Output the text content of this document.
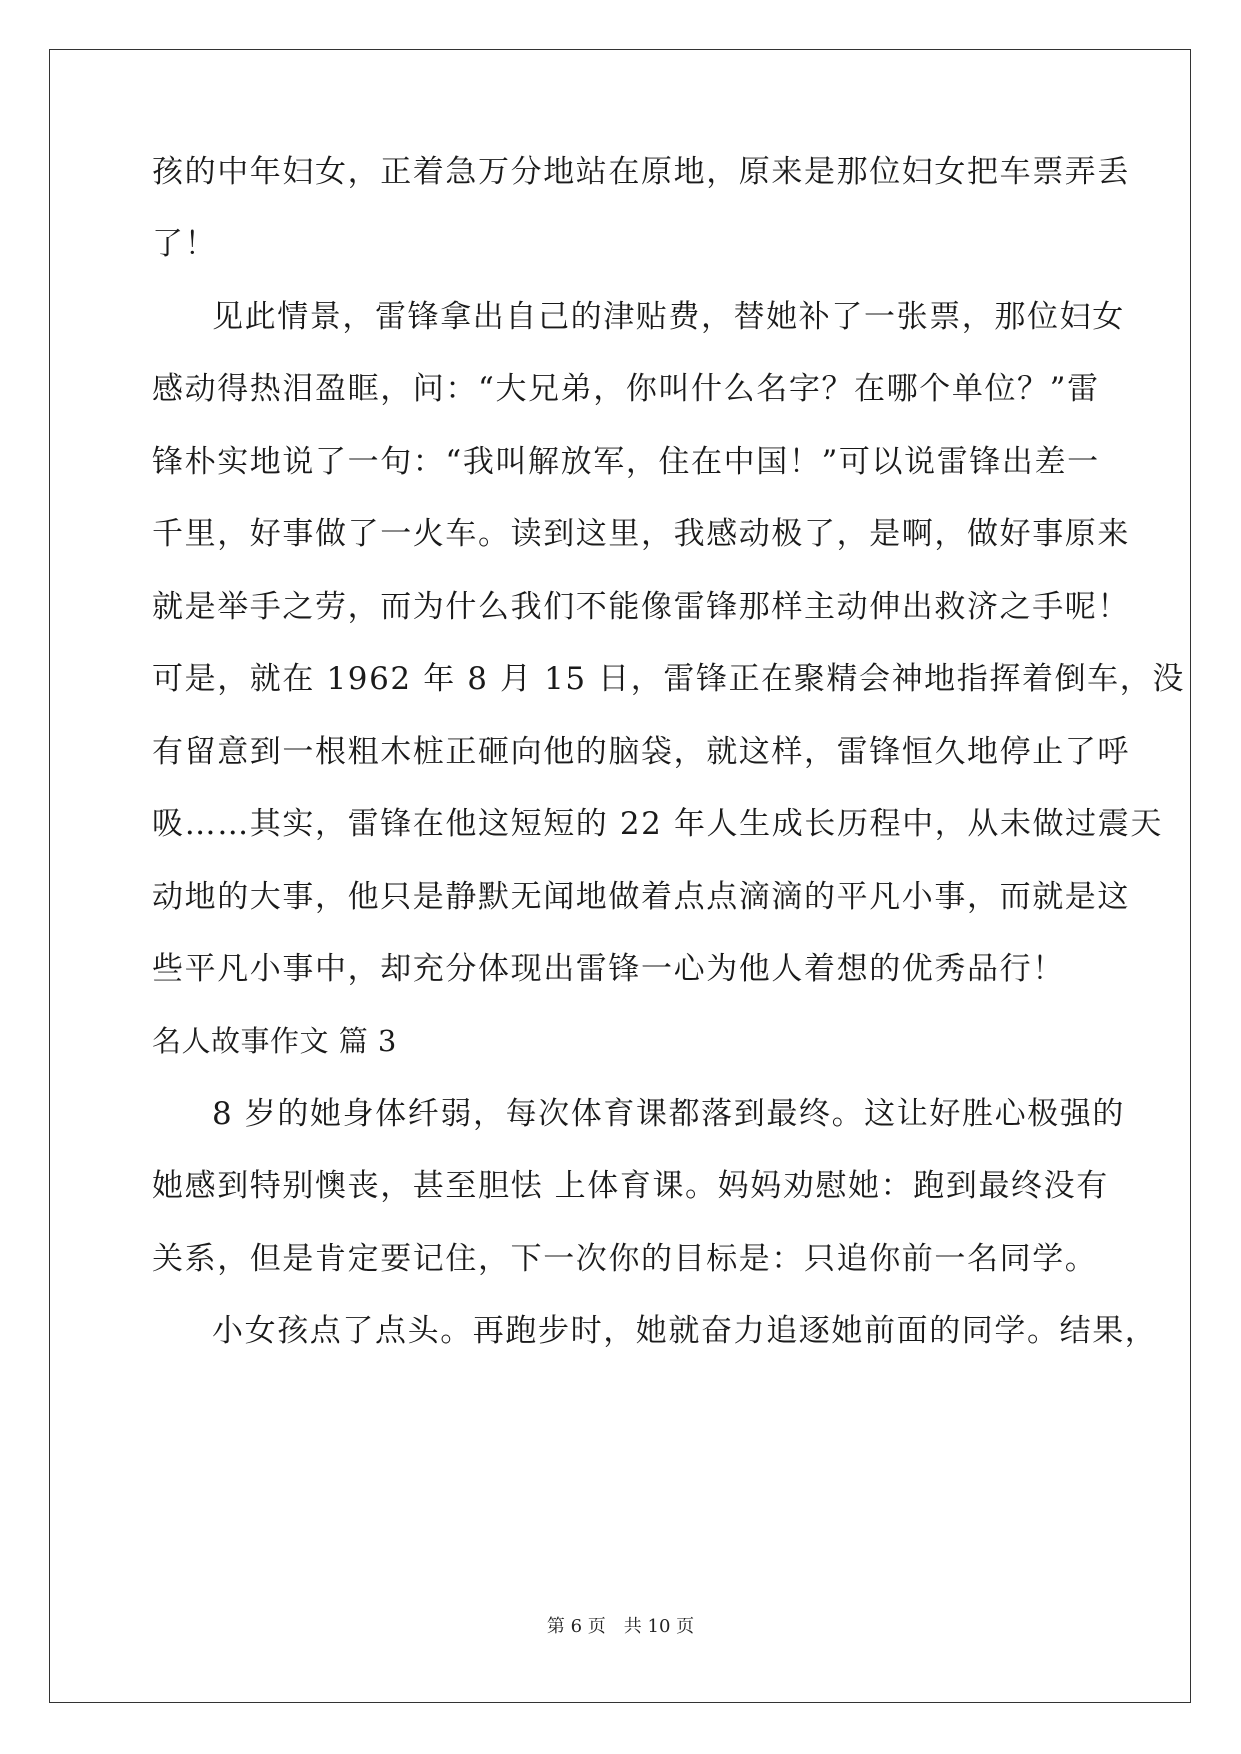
孩的中年妇女，正着急万分地站在原地，原来是那位妇女把车票弄丢
了！
见此情景，雷锋拿出自己的津贴费，替她补了一张票，那位妇女
感动得热泪盈眶，问：“大兄弟，你叫什么名字？在哪个单位？”雷
锋朴实地说了一句：“我叫解放军，住在中国！”可以说雷锋出差一
千里，好事做了一火车。读到这里，我感动极了，是啊，做好事原来
就是举手之劳，而为什么我们不能像雷锋那样主动伸出救济之手呢！
可是，就在 1962 年 8 月 15 日，雷锋正在聚精会神地指挥着倒车，没
有留意到一根粗木桩正砸向他的脑袋，就这样，雷锋恒久地停止了呼
吸……其实，雷锋在他这短短的 22 年人生成长历程中，从未做过震天
动地的大事，他只是静默无闻地做着点点滴滴的平凡小事，而就是这
些平凡小事中，却充分体现出雷锋一心为他人着想的优秀品行！
名人故事作文 篇 3
8 岁的她身体纤弱，每次体育课都落到最终。这让好胜心极强的
她感到特别懊丧，甚至胆怯 上体育课。妈妈劝慰她：跑到最终没有
关系，但是肯定要记住，下一次你的目标是：只追你前一名同学。
小女孩点了点头。再跑步时，她就奋力追逐她前面的同学。结果，
第 6 页　共 10 页
